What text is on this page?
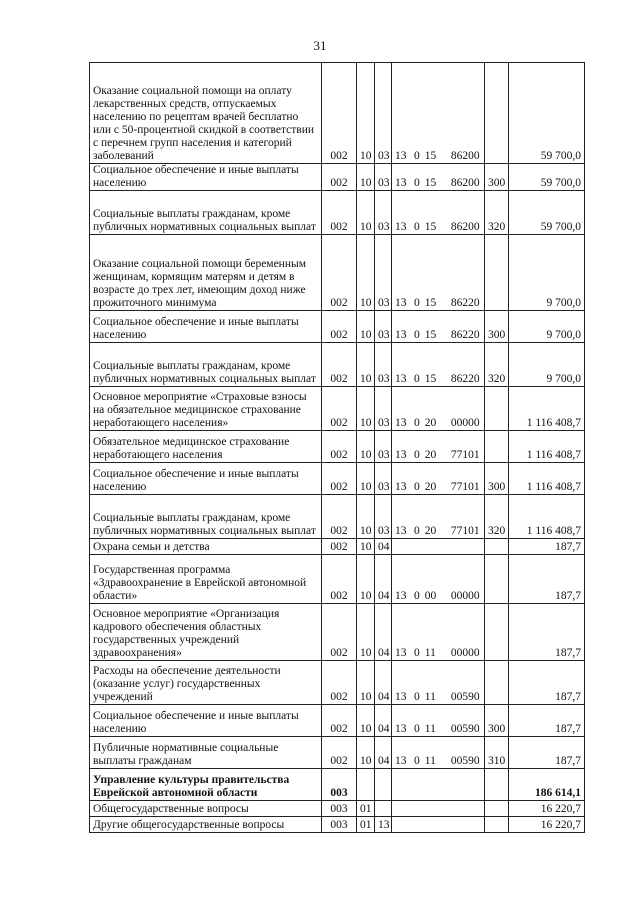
31
Оказание социальной помощи на оплату лекарственных средств, отпускаемых населению по рецептам врачей бесплатно или с 50-процентной скидкой в соответствии с перечнем групп населения и категорий заболеваний	002	10	03	13 0 15 86200		59 700,0
Социальное обеспечение и иные выплаты населению	002	10	03	13 0 15 86200	300	59 700,0
Социальные выплаты гражданам, кроме публичных нормативных социальных выплат	002	10	03	13 0 15 86200	320	59 700,0
Оказание социальной помощи беременным женщинам, кормящим матерям и детям в возрасте до трех лет, имеющим доход ниже прожиточного минимума	002	10	03	13 0 15 86220		9 700,0
Социальное обеспечение и иные выплаты населению	002	10	03	13 0 15 86220	300	9 700,0
Социальные выплаты гражданам, кроме публичных нормативных социальных выплат	002	10	03	13 0 15 86220	320	9 700,0
Основное мероприятие «Страховые взносы на обязательное медицинское страхование неработающего населения»	002	10	03	13 0 20 00000		1 116 408,7
Обязательное медицинское страхование неработающего населения	002	10	03	13 0 20 77101		1 116 408,7
Социальное обеспечение и иные выплаты населению	002	10	03	13 0 20 77101	300	1 116 408,7
Социальные выплаты гражданам, кроме публичных нормативных социальных выплат	002	10	03	13 0 20 77101	320	1 116 408,7
Охрана семьи и детства	002	10	04			187,7
Государственная программа «Здравоохранение в Еврейской автономной области»	002	10	04	13 0 00 00000		187,7
Основное мероприятие «Организация кадрового обеспечения областных государственных учреждений здравоохранения»	002	10	04	13 0 11 00000		187,7
Расходы на обеспечение деятельности (оказание услуг) государственных учреждений	002	10	04	13 0 11 00590		187,7
Социальное обеспечение и иные выплаты населению	002	10	04	13 0 11 00590	300	187,7
Публичные нормативные социальные выплаты гражданам	002	10	04	13 0 11 00590	310	187,7
Управление культуры правительства Еврейской автономной области	003					186 614,1
Общегосударственные вопросы	003	01				16 220,7
Другие общегосударственные вопросы	003	01	13			16 220,7
